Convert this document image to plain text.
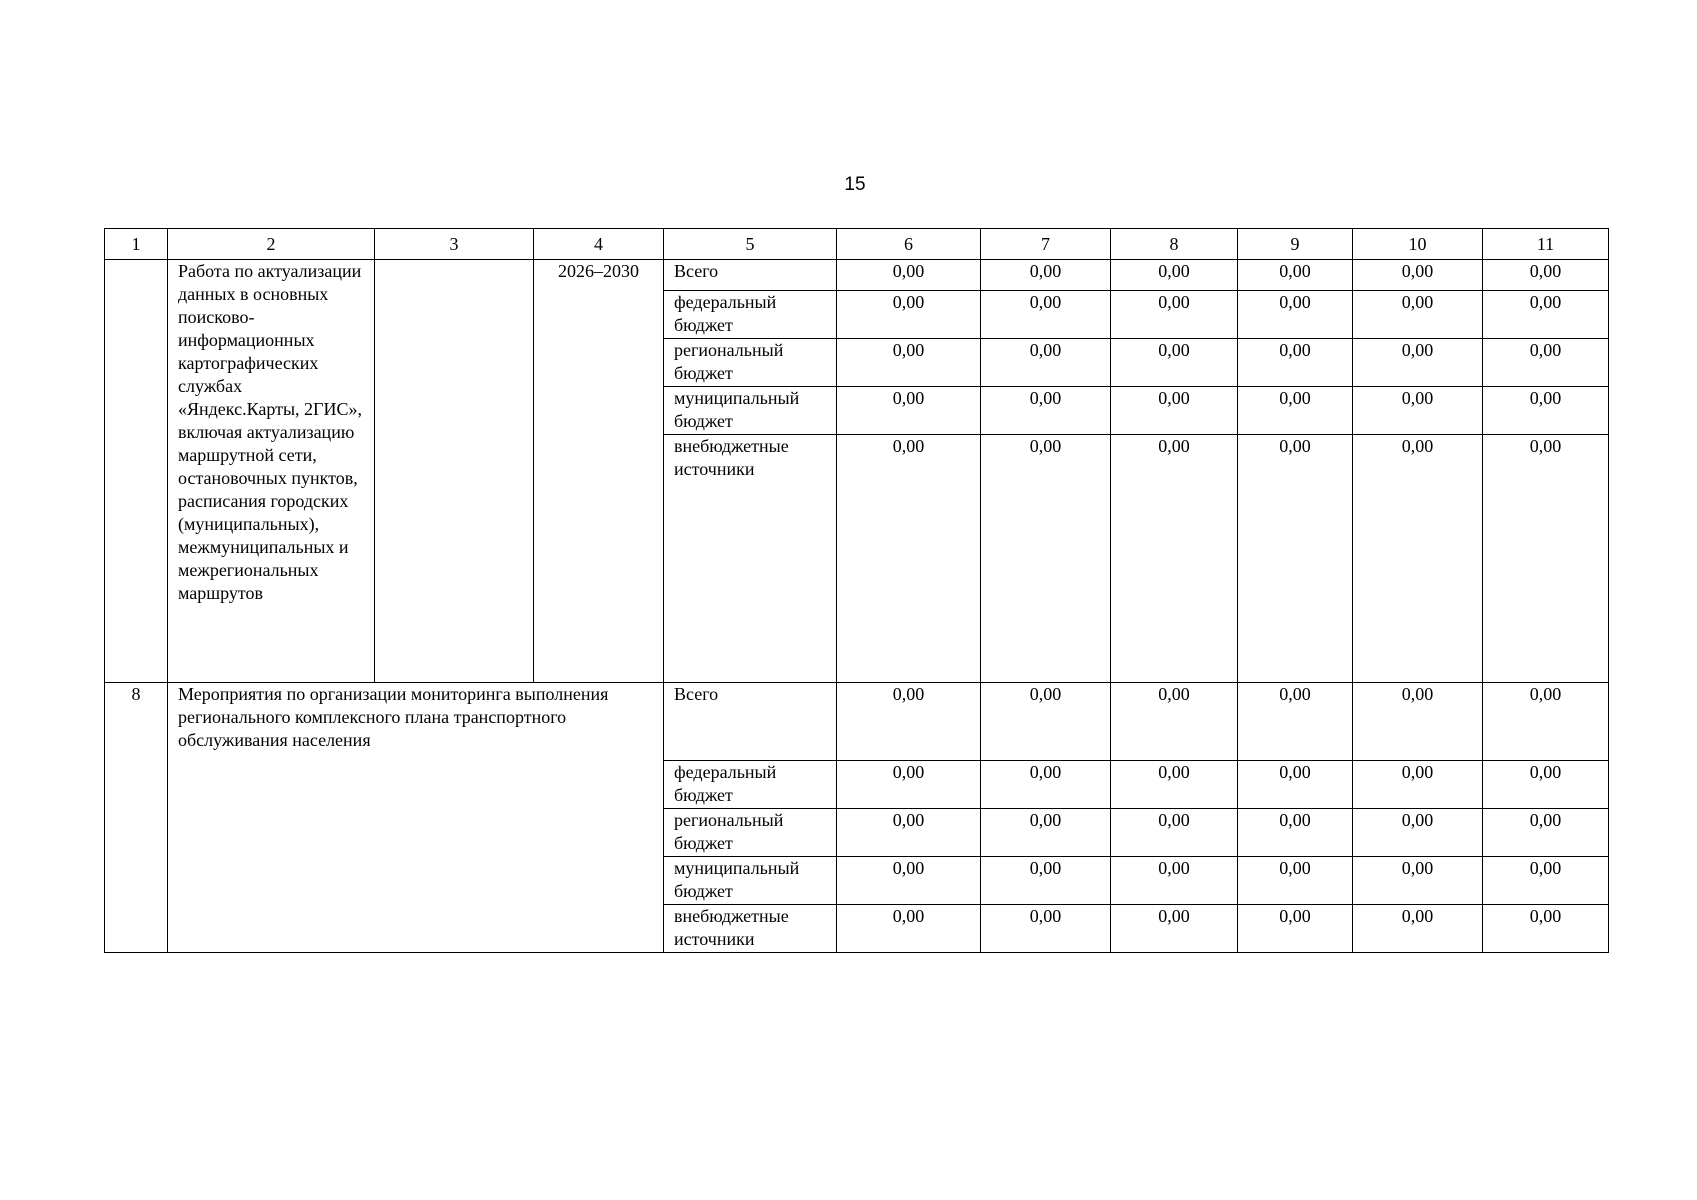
15
1	2	3	4	5	6	7	8	9	10	11
	Работа по актуализации данных в основных поисково-информационных картографических службах «Яндекс.Карты, 2ГИС», включая актуализацию маршрутной сети, остановочных пунктов, расписания городских (муниципальных), межмуниципальных и межрегиональных маршрутов		2026–2030	Всего	0,00	0,00	0,00	0,00	0,00	0,00
				федеральный бюджет	0,00	0,00	0,00	0,00	0,00	0,00
				региональный бюджет	0,00	0,00	0,00	0,00	0,00	0,00
				муниципальный бюджет	0,00	0,00	0,00	0,00	0,00	0,00
				внебюджетные источники	0,00	0,00	0,00	0,00	0,00	0,00
8	Мероприятия по организации мониторинга выполнения регионального комплексного плана транспортного обслуживания населения			Всего	0,00	0,00	0,00	0,00	0,00	0,00
				федеральный бюджет	0,00	0,00	0,00	0,00	0,00	0,00
				региональный бюджет	0,00	0,00	0,00	0,00	0,00	0,00
				муниципальный бюджет	0,00	0,00	0,00	0,00	0,00	0,00
				внебюджетные источники	0,00	0,00	0,00	0,00	0,00	0,00
